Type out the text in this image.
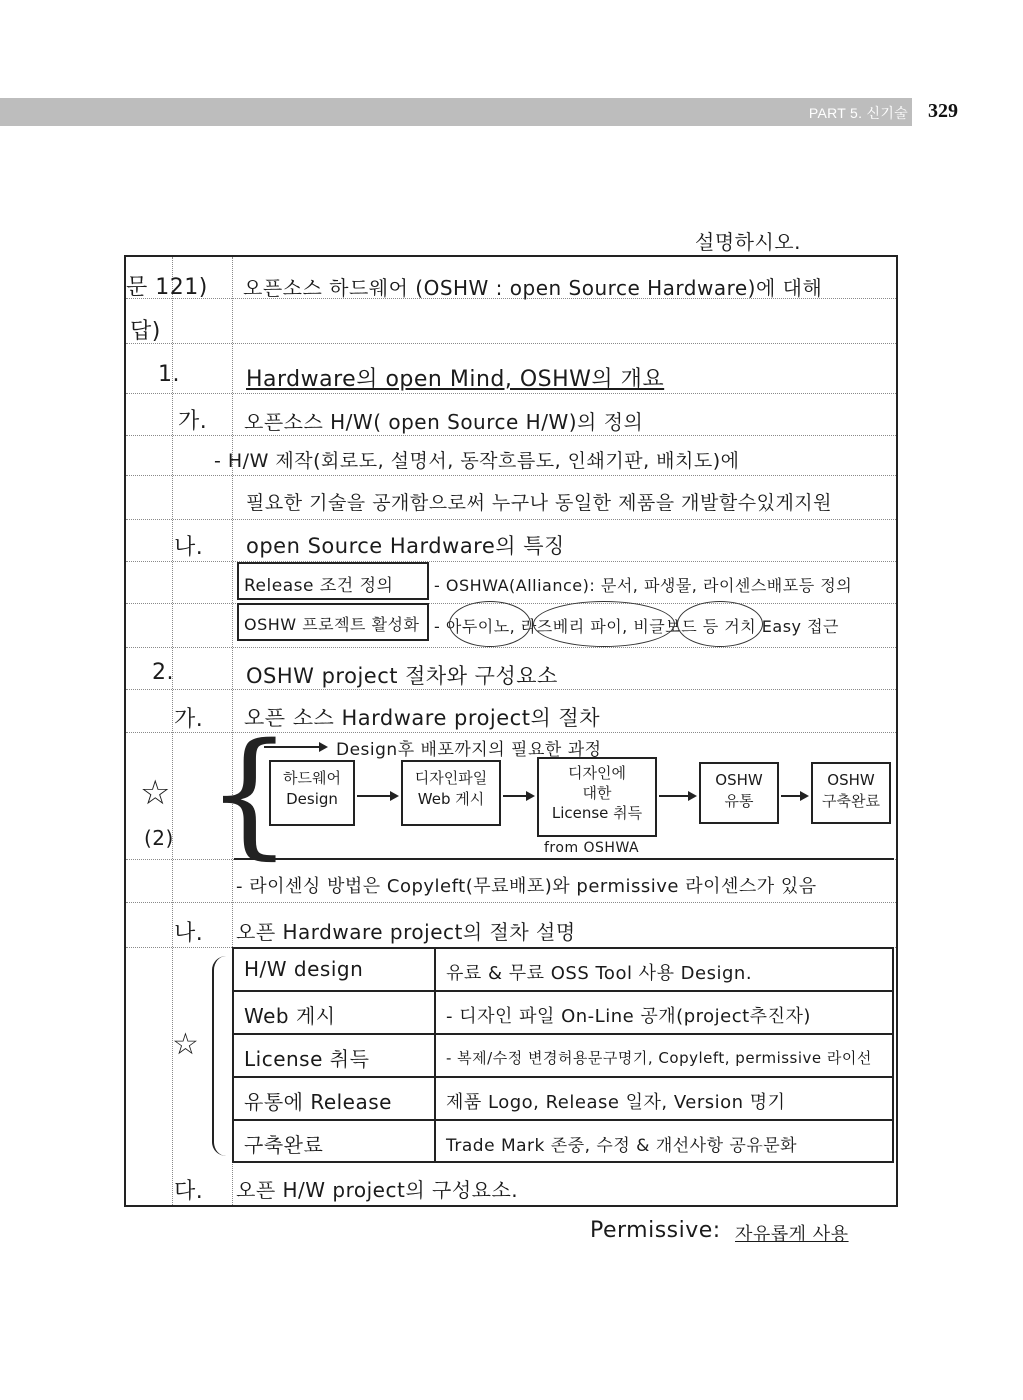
PART 5. 신기술 329
설명하시오.
문 121) 오픈소스 하드웨어 (OSHW : open Source Hardware)에 대해
답)
1.	Hardware의 open Mind, OSHW의 개요
가. 오픈소스 H/W( open Source H/W)의 정의
- H/W 제작(회로도, 설명서, 동작흐름도, 인쇄기판, 배치도)에
필요한 기술을 공개함으로써 누구나 동일한 제품을 개발할수있게지원
나. open Source Hardware의 특징
Release 조건 정의	- OSHWA(Alliance): 문서, 파생물, 라이센스배포등 정의
OSHW 프로젝트 활성화 - 아두이노, 라즈베리 파이, 비글보드 등 거치 Easy 접근
2.	OSHW project 절차와 구성요소
가. 오픈 소스 Hardware project의 절차
{
☆
(2)
Design후 배포까지의 필요한 과정
하드웨어
Design
디자인파일
Web 게시
디자인에
대한
License 취득
OSHW
유통
OSHW
구축완료
from OSHWA
- 라이센싱 방법은 Copyleft(무료배포)와 permissive 라이센스가 있음
나. 오픈 Hardware project의 절차 설명
☆
H/W design	유료 & 무료 OSS Tool 사용 Design.
Web 게시	- 디자인 파일 On-Line 공개(project추진자)
License 취득	- 복제/수정 변경허용문구명기, Copyleft, permissive 라이선
유통에 Release	제품 Logo, Release 일자, Version 명기
구축완료	Trade Mark 존중, 수정 & 개선사항 공유문화
다. 오픈 H/W project의 구성요소.
Permissive: 자유롭게 사용
